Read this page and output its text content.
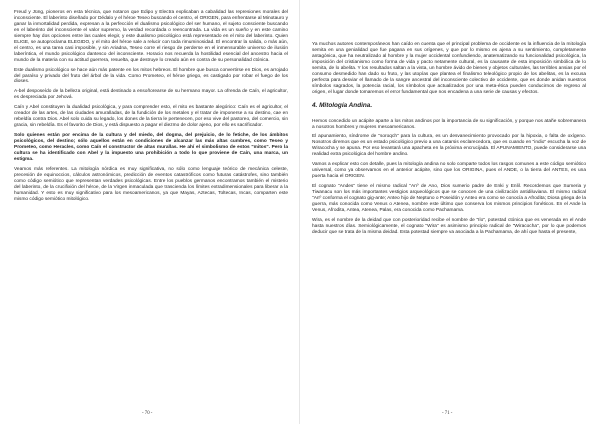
Freud y Jüng, pioneros en esta técnica, que notaron que Edipo y Electra explicaban a cabalidad las represiones morales del inconsciente. El laberinto diseñado por Dédalo y el héroe Teseo buscando el centro, el ORIGEN, para enfrentarse al Minotauro y ganar la inmortalidad perdida, expresan a la perfección el dualismo psicológico del ser humano, el sujeto consciente buscando en el laberinto del inconsciente el valor supremo, la verdad recordada o reencontrada. La vida es un sueño y en este camino siempre hay dos opciones entre las cuales elegir, y este dualismo psicológico está representado en el mito del laberinto. Quien ELIGE, se autoproclama ELEGIDO, y el mito del héroe sale a relucir con toda rimuminosidad. El encontrar la salida, o más aún, el centro, es una tarea casi imposible, y sin Ariadna, Teseo corre el riesgo de perderse en el inmensurable universo de ilusión laberíntica, el mundo psicológico dantesco del inconsciente. Horacio nos recuerda la hostilidad esencial del ancestro hacia el mundo de la materia con su actitud guerrera, resuelta, que destruye lo creado aún en contra de su personalidad ctónica.

Este dualismo psicológico se hace aún más patente en los mitos hebreos. El hombre que busca convertirse en Dios, es arrojado del paraíso y privado del fruto del árbol de la vida. Como Prometeo, el héroe griego, es castigado por robar el fuego de los dioses.

A-bel desposeído de la belleza original, está destinado a ensoñorearse de su hermano mayor. La ofrenda de Caín, el agricultor, es despreciada por Jehová.

Caín y Abel constituyen la dualidad psicológica, y para comprender esto, el mito es bastante alegórico: Caín es el agricultor, el creador de las artes, de las ciudades amuralladas, de la fundición de los metales y el tratar de imponerse a su destino, cae en rebeldía contra Dios. Abel solo cuida su legado, los dones de la tierra le pertenecen, por eso vive del pastoreo, del comercio, sin gracia, sin rebeldía. Es el favorito de Dios, y está dispuesto a pagar el diezmo de dolor ajeno, por ello es sacrificador.

Solo quienes están por encima de la cultura y del miedo, del dogma, del prejuicio, de lo fetiche, de los ámbitos psicológicos, del destino; sólo aquellos están en condiciones de alcanzar las más altas cumbres, como Teseo y Prometeo, como Heracles, como Caín el constructor de altas murallas. He ahí el simbolismo de estos "mitos". Pero la cultura se ha identificado con Abel y la impuesto una prohibición a todo lo que proviene de Caín, una marca, un estigma.

Veamos más referentes. La mitología nórdica es muy significativa, no sólo como lenguaje teórico de mecánica celeste, precesión de equinoccios, cálculos astronómicos, predicción de eventos catastróficos como futuras catástrofes, sino también como código semiótico que representan verdades psicológicas. Entre los pueblos germanos encontramos también el misterio del laberinto, de la crucifixión del héroe, de la Virgen inmaculada que trascienda los límites extradimensionales para liberar a la humanidad. Y esto es muy significativo para los mesoamericanos, ya que Mayas, Aztecas, Toltecas, Incas, comparten este mismo código semiótico mitológico.

- 70 -

Ya muchos autores contemporáneos han caído en cuenta que el principal problema de occidente es la influencia de la mitología semita en una genialidad que fue pagana en sus orígenes, y que por lo mismo es ajena a su sentimiento, completamente antagónica, que ha neutralizado al hombre y la mujer occidental confundiendo, anatematizando su funcionalidad psicológica, la imposición del cristianismo como forma de vida y pacto netamente cultural, es la causante de esta imposición simbólica de lo semita, de lo abelita. Y los resultados saltan a la vista, un hombre ávido de bienes y objetos culturales, las terribles ansias por el consumo desmedido han dado su fruto, y las utopías que plantea el finalismo teleológico propio de los abelitas, es la excusa perfecta para desviar el llamado de la sangre ancestral del inconsciente colectivo de occidente, que es donde anidan nuestros símbolos sagrados, la potencia racial, los símbolos que actualizados por una meta-ética pueden conducirnos de regreso al origen, el lugar donde tomaremos el error fundamental que nos encadena a una serie de causas y efectos.

4. Mitología Andina.

Hemos concedido un acápite aparte a los mitos andinos por la importancia de su significación, y porque nos atañe sobremanera a nosotros hombres y mujeres mesoamericanos.

El apunamiento, síndrome de "soroqch" para la cultura, es un desvanecimiento provocado por la hipoxia, o falta de oxígeno. Nosotros diremos que es un estado psicológico previo a una catarsis esclarecedora, que es cuando en "indio" escucha la voz de Wiracocha y se apuna. Por eso levantará una apacheta en la próxima encrucijada. El APUNAMIENTO, puede considerarse una realidad extra psicológica del hombre andino.

Vamos a explicar esto con detalle, pues la mitología andina no solo comparte todos los rasgos comunes a este código semiótico universal, como ya observamos en el anterior acápite, sino que los ORIGINA, pues el ANDE, o la tierra del ANTES, es una puerta hacia el ORIGEN.

El cognato "Andes" tiene el mismo radical "Anº de Ano, Dios sumerio padre de Enki y Enlil. Recordemos que Sumeria y Tiwanacu son los más importantes vestigios arqueológicos que se conocen de una civilización antidiluviana. El mismo radical "Anº conforma el cognato gig-ante; Anteo hijo de Neptuno o Poseidón y Anteo era como se conocía a Afrodita; Diosa griega de la guerra, más conocida como Venus o Atenea, nombre este último que conserva los mismos principios fonéticos. En el Ande la Venus, Afrodita, Antea, Atenea, Palas, era conocida como Pachamama.

Wira, es el nombre de la deidad que con posterioridad recibe el nombre de "Ilo", potestad ctónica que es venerada en el Ande hasta nuestros días. Semiológicamente, el cognato "Wira" es asimismo principio radical de "Wiracocha", por lo que podemos deducir que se trata de la misma deidad. Esta potestad siempre va asociada a la Pachamama, de ahí que hasta el presente,

- 71 -
